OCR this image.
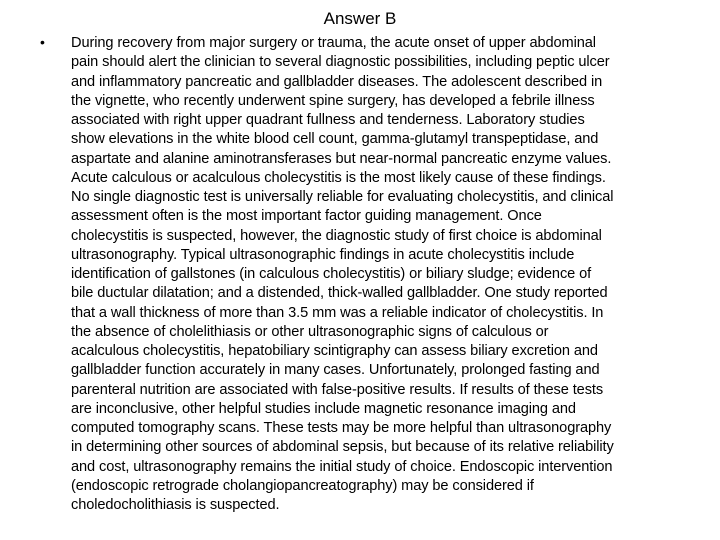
Answer B
• During recovery from major surgery or trauma, the acute onset of upper abdominal
pain should alert the clinician to several diagnostic possibilities, including peptic ulcer
and inflammatory pancreatic and gallbladder diseases. The adolescent described in
the vignette, who recently underwent spine surgery, has developed a febrile illness
associated with right upper quadrant fullness and tenderness. Laboratory studies
show elevations in the white blood cell count, gamma-glutamyl transpeptidase, and
aspartate and alanine aminotransferases but near-normal pancreatic enzyme values.
Acute calculous or acalculous cholecystitis is the most likely cause of these findings.
No single diagnostic test is universally reliable for evaluating cholecystitis, and clinical
assessment often is the most important factor guiding management. Once
cholecystitis is suspected, however, the diagnostic study of first choice is abdominal
ultrasonography. Typical ultrasonographic findings in acute cholecystitis include
identification of gallstones (in calculous cholecystitis) or biliary sludge; evidence of
bile ductular dilatation; and a distended, thick-walled gallbladder. One study reported
that a wall thickness of more than 3.5 mm was a reliable indicator of cholecystitis. In
the absence of cholelithiasis or other ultrasonographic signs of calculous or
acalculous cholecystitis, hepatobiliary scintigraphy can assess biliary excretion and
gallbladder function accurately in many cases. Unfortunately, prolonged fasting and
parenteral nutrition are associated with false-positive results. If results of these tests
are inconclusive, other helpful studies include magnetic resonance imaging and
computed tomography scans. These tests may be more helpful than ultrasonography
in determining other sources of abdominal sepsis, but because of its relative reliability
and cost, ultrasonography remains the initial study of choice. Endoscopic intervention
(endoscopic retrograde cholangiopancreatography) may be considered if
choledocholithiasis is suspected.
